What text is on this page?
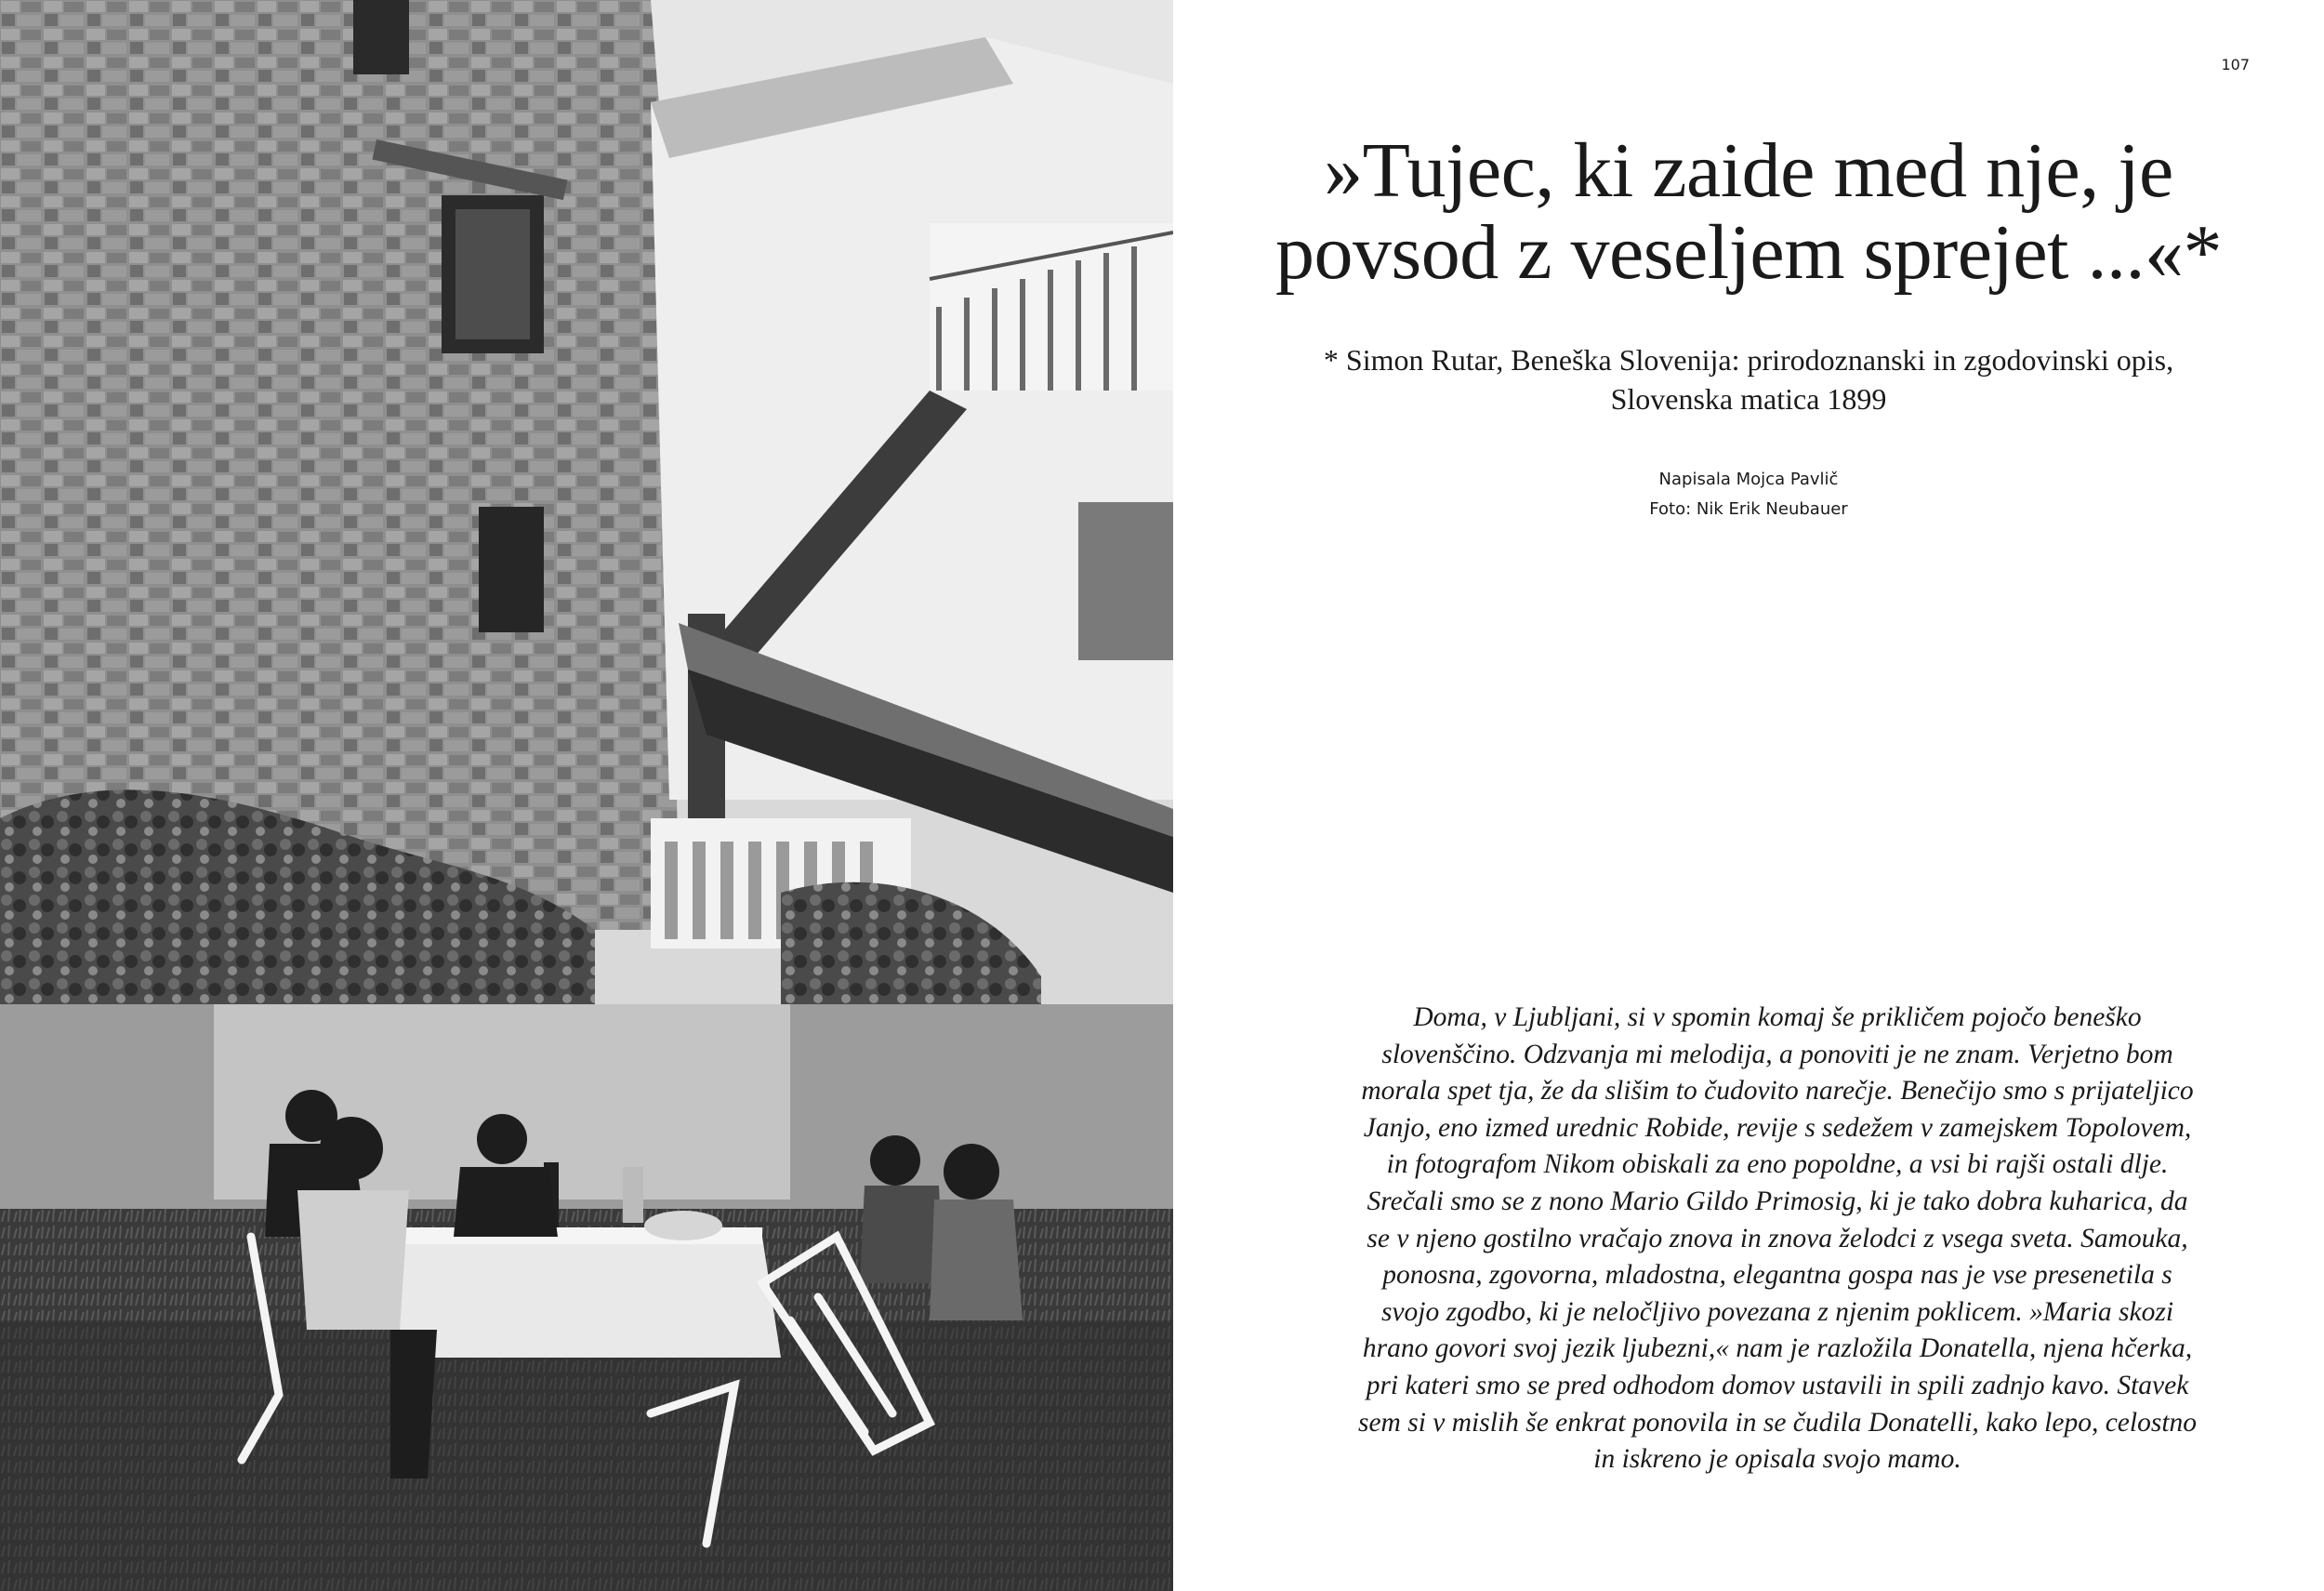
107
»Tujec, ki zaide med nje, je
povsod z veseljem sprejet ...«*
* Simon Rutar, Beneška Slovenija: prirodoznanski in zgodovinski opis,
Slovenska matica 1899
Napisala Mojca Pavlič
Foto: Nik Erik Neubauer
Doma, v Ljubljani, si v spomin komaj še prikličem pojočo beneško
slovenščino. Odzvanja mi melodija, a ponoviti je ne znam. Verjetno bom
morala spet tja, že da slišim to čudovito narečje. Benečijo smo s prijateljico
Janjo, eno izmed urednic Robide, revije s sedežem v zamejskem Topolovem,
in fotografom Nikom obiskali za eno popoldne, a vsi bi rajši ostali dlje.
Srečali smo se z nono Mario Gildo Primosig, ki je tako dobra kuharica, da
se v njeno gostilno vračajo znova in znova želodci z vsega sveta. Samouka,
ponosna, zgovorna, mladostna, elegantna gospa nas je vse presenetila s
svojo zgodbo, ki je neločljivo povezana z njenim poklicem. »Maria skozi
hrano govori svoj jezik ljubezni,« nam je razložila Donatella, njena hčerka,
pri kateri smo se pred odhodom domov ustavili in spili zadnjo kavo. Stavek
sem si v mislih še enkrat ponovila in se čudila Donatelli, kako lepo, celostno
in iskreno je opisala svojo mamo.
